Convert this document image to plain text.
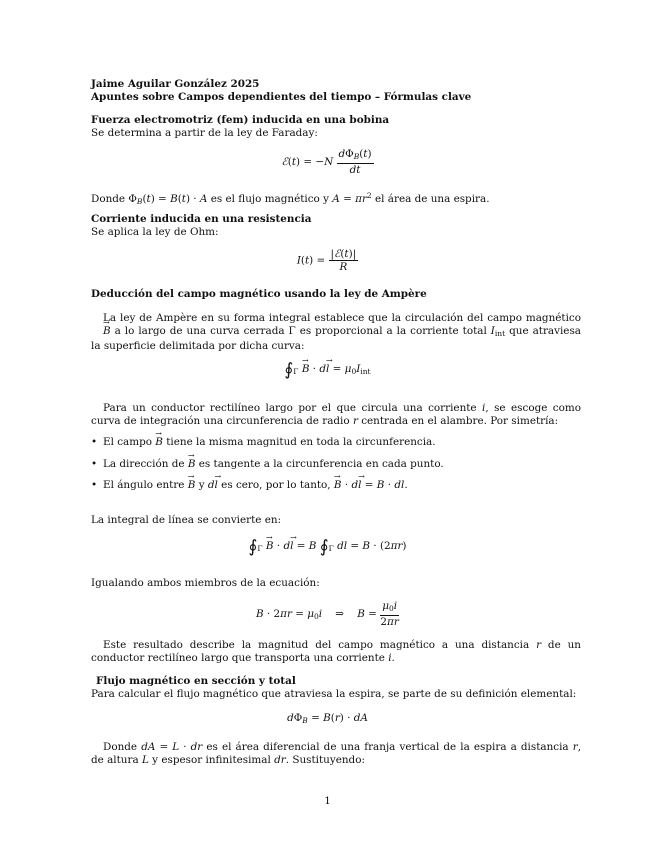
Jaime Aguilar González 2025
Apuntes sobre Campos dependientes del tiempo – Fórmulas clave
Fuerza electromotriz (fem) inducida en una bobina
Se determina a partir de la ley de Faraday:
ℰ(t) = $-N \frac{\text{dΦB(t)}}{dt}$
Donde ΦB(t) = B(t) · A es el flujo magnético y $A = \pi r^2$ el área de una espira.
Corriente inducida en una resistencia
Se aplica la ley de Ohm:
$I(t) = \frac{\text{|ℰ(t)|}}{R}$
Deducción del campo magnético usando la ley de Ampère
La ley de Ampère en su forma integral establece que la circulación del campo magnético → B a lo largo de una curva cerrada Γ es proporcional a la corriente total $I_{int}$ que atraviesa la superficie delimitada por dicha curva:
$∮_\Gamma \to B \cdot d\to l = \mu_0I_{int}$
Para un conductor rectilíneo largo por el que circula una corriente i, se escoge como curva de integración una circunferencia de radio r centrada en el alambre. Por simetría:
• El campo → B tiene la misma magnitud en toda la circunferencia.
• La dirección de → B es tangente a la circunferencia en cada punto.
• El ángulo entre → B y d→ l es cero, por lo tanto, → B · d→ l = B · dl.
La integral de línea se convierte en:
$∮_\Gamma \to B \cdot d\to l = B$ $∮_\Gamma$ dl = B · (2πr)
Igualando ambos miembros de la ecuación:
$B \cdot 2\pi r = \mu_0i$    ⇒    $B = \frac{\mu_0i}{2\pi r}$
Este resultado describe la magnitud del campo magnético a una distancia r de un conductor rectilíneo largo que transporta una corriente i.
Flujo magnético en sección y total
Para calcular el flujo magnético que atraviesa la espira, se parte de su definición elemental:
dΦB = B(r) · dA
Donde dA = L · dr es el área diferencial de una franja vertical de la espira a distancia r, de altura L y espesor infinitesimal dr. Sustituyendo:
1
